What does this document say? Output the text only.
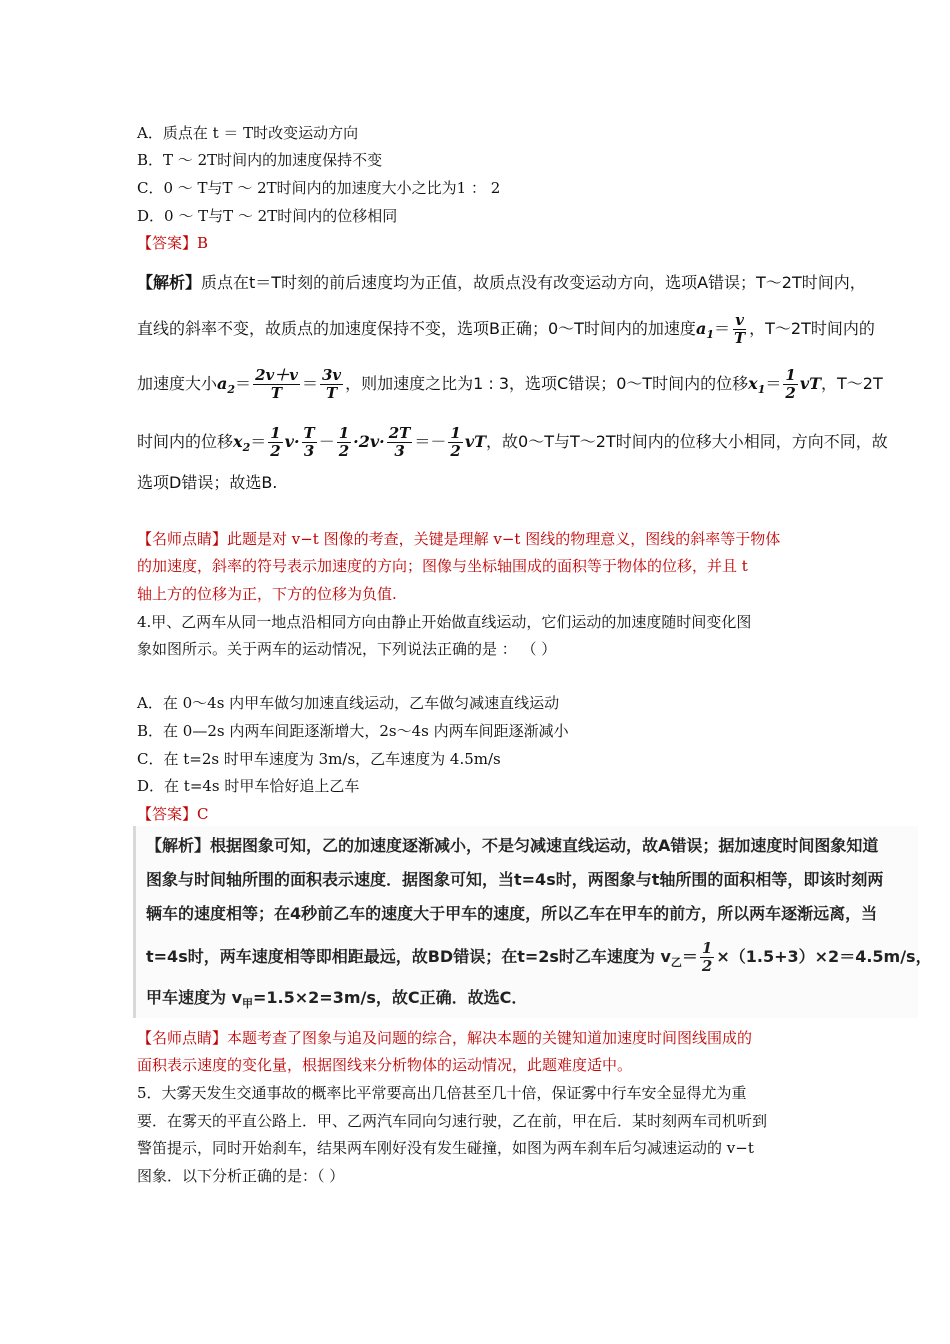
A．质点在 t ＝ T时改变运动方向
B．T ～ 2T时间内的加速度保持不变
C．0 ～ T与T ～ 2T时间内的加速度大小之比为1 ： 2
D．0 ～ T与T ～ 2T时间内的位移相同
【答案】B
【解析】质点在t＝T时刻的前后速度均为正值，故质点没有改变运动方向，选项A错误；T～2T时间内，
直线的斜率不变，故质点的加速度保持不变，选项B正确；0～T时间内的加速度$a_1= \frac{v}{T}$ ，T～2T时间内的
加速度大小$a_2= \frac{2v+v}{T} = \frac{3v}{T}$ ，则加速度之比为1 : 3，选项C错误；0～T时间内的位移$x_1= \frac{1}{2}$ vT，T～2T
时间内的位移$x_2= \frac{1}{2} v\cdot \frac{T}{3} - \frac{1}{2} \cdot 2v\cdot \frac{2T}{3} =- \frac{1}{2}$ vT，故0～T与T～2T时间内的位移大小相同，方向不同，故
选项D错误；故选B.
【名师点睛】此题是对 v−t 图像的考查，关键是理解 v−t 图线的物理意义，图线的斜率等于物体
的加速度，斜率的符号表示加速度的方向；图像与坐标轴围成的面积等于物体的位移，并且 t
轴上方的位移为正，下方的位移为负值.
4.甲、乙两车从同一地点沿相同方向由静止开始做直线运动，它们运动的加速度随时间变化图
象如图所示。关于两车的运动情况，下列说法正确的是 ： （ ）
A．在 0～4s 内甲车做匀加速直线运动，乙车做匀减速直线运动
B．在 0—2s 内两车间距逐渐增大，2s～4s 内两车间距逐渐减小
C．在 t=2s 时甲车速度为 3m/s，乙车速度为 4.5m/s
D．在 t=4s 时甲车恰好追上乙车
【答案】C
【解析】根据图象可知，乙的加速度逐渐减小，不是匀减速直线运动，故A错误；据加速度时间图象知道
图象与时间轴所围的面积表示速度．据图象可知，当t=4s时，两图象与t轴所围的面积相等，即该时刻两
辆车的速度相等；在4秒前乙车的速度大于甲车的速度，所以乙车在甲车的前方，所以两车逐渐远离，当
t=4s时，两车速度相等即相距最远，故BD错误；在t=2s时乙车速度为 $v_乙= \frac{1}{2} \times(1.5+3)\times 2=4.5m/s$，
甲车速度为 $v_甲=1.5\times 2=3m/s$，故C正确．故选C．
【名师点睛】本题考查了图象与追及问题的综合，解决本题的关键知道加速度时间图线围成的
面积表示速度的变化量，根据图线来分析物体的运动情况，此题难度适中。
5．大雾天发生交通事故的概率比平常要高出几倍甚至几十倍，保证雾中行车安全显得尤为重
要．在雾天的平直公路上．甲、乙两汽车同向匀速行驶，乙在前，甲在后．某时刻两车司机听到
警笛提示，同时开始刹车，结果两车刚好没有发生碰撞，如图为两车刹车后匀减速运动的 v−t
图象．以下分析正确的是：（ ）
